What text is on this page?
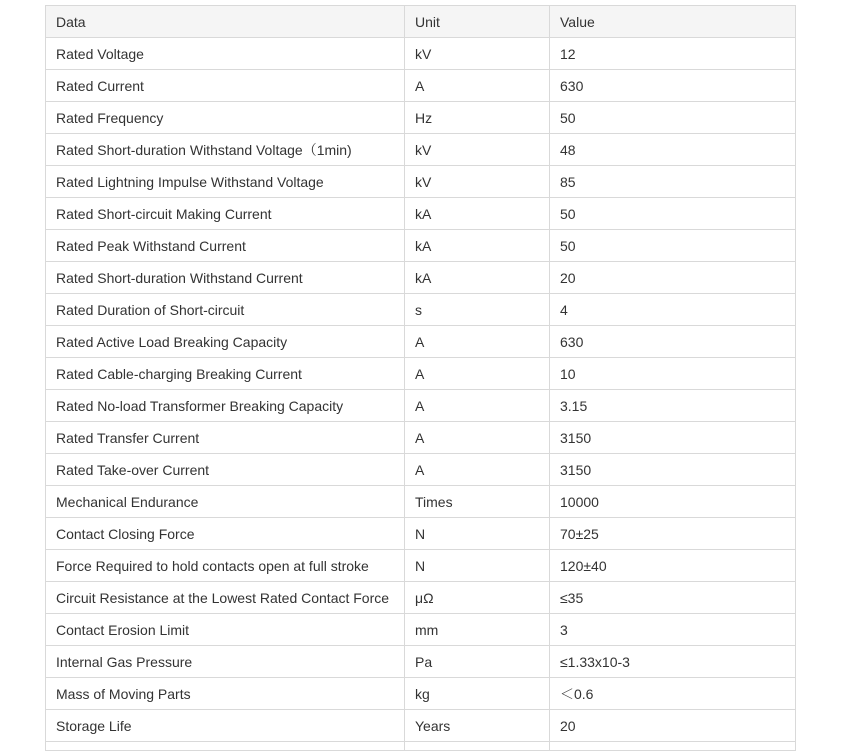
Data	Unit	Value
Rated Voltage	kV	12
Rated Current	A	630
Rated Frequency	Hz	50
Rated Short-duration Withstand Voltage（1min)	kV	48
Rated Lightning Impulse Withstand Voltage	kV	85
Rated Short-circuit Making Current	kA	50
Rated Peak Withstand Current	kA	50
Rated Short-duration Withstand Current	kA	20
Rated Duration of Short-circuit	s	4
Rated Active Load Breaking Capacity	A	630
Rated Cable-charging Breaking Current	A	10
Rated No-load Transformer Breaking Capacity	A	3.15
Rated Transfer Current	A	3150
Rated Take-over Current	A	3150
Mechanical Endurance	Times	10000
Contact Closing Force	N	70±25
Force Required to hold contacts open at full stroke	N	120±40
Circuit Resistance at the Lowest Rated Contact Force	μΩ	≤35
Contact Erosion Limit	mm	3
Internal Gas Pressure	Pa	≤1.33x10-3
Mass of Moving Parts	kg	＜0.6
Storage Life	Years	20
